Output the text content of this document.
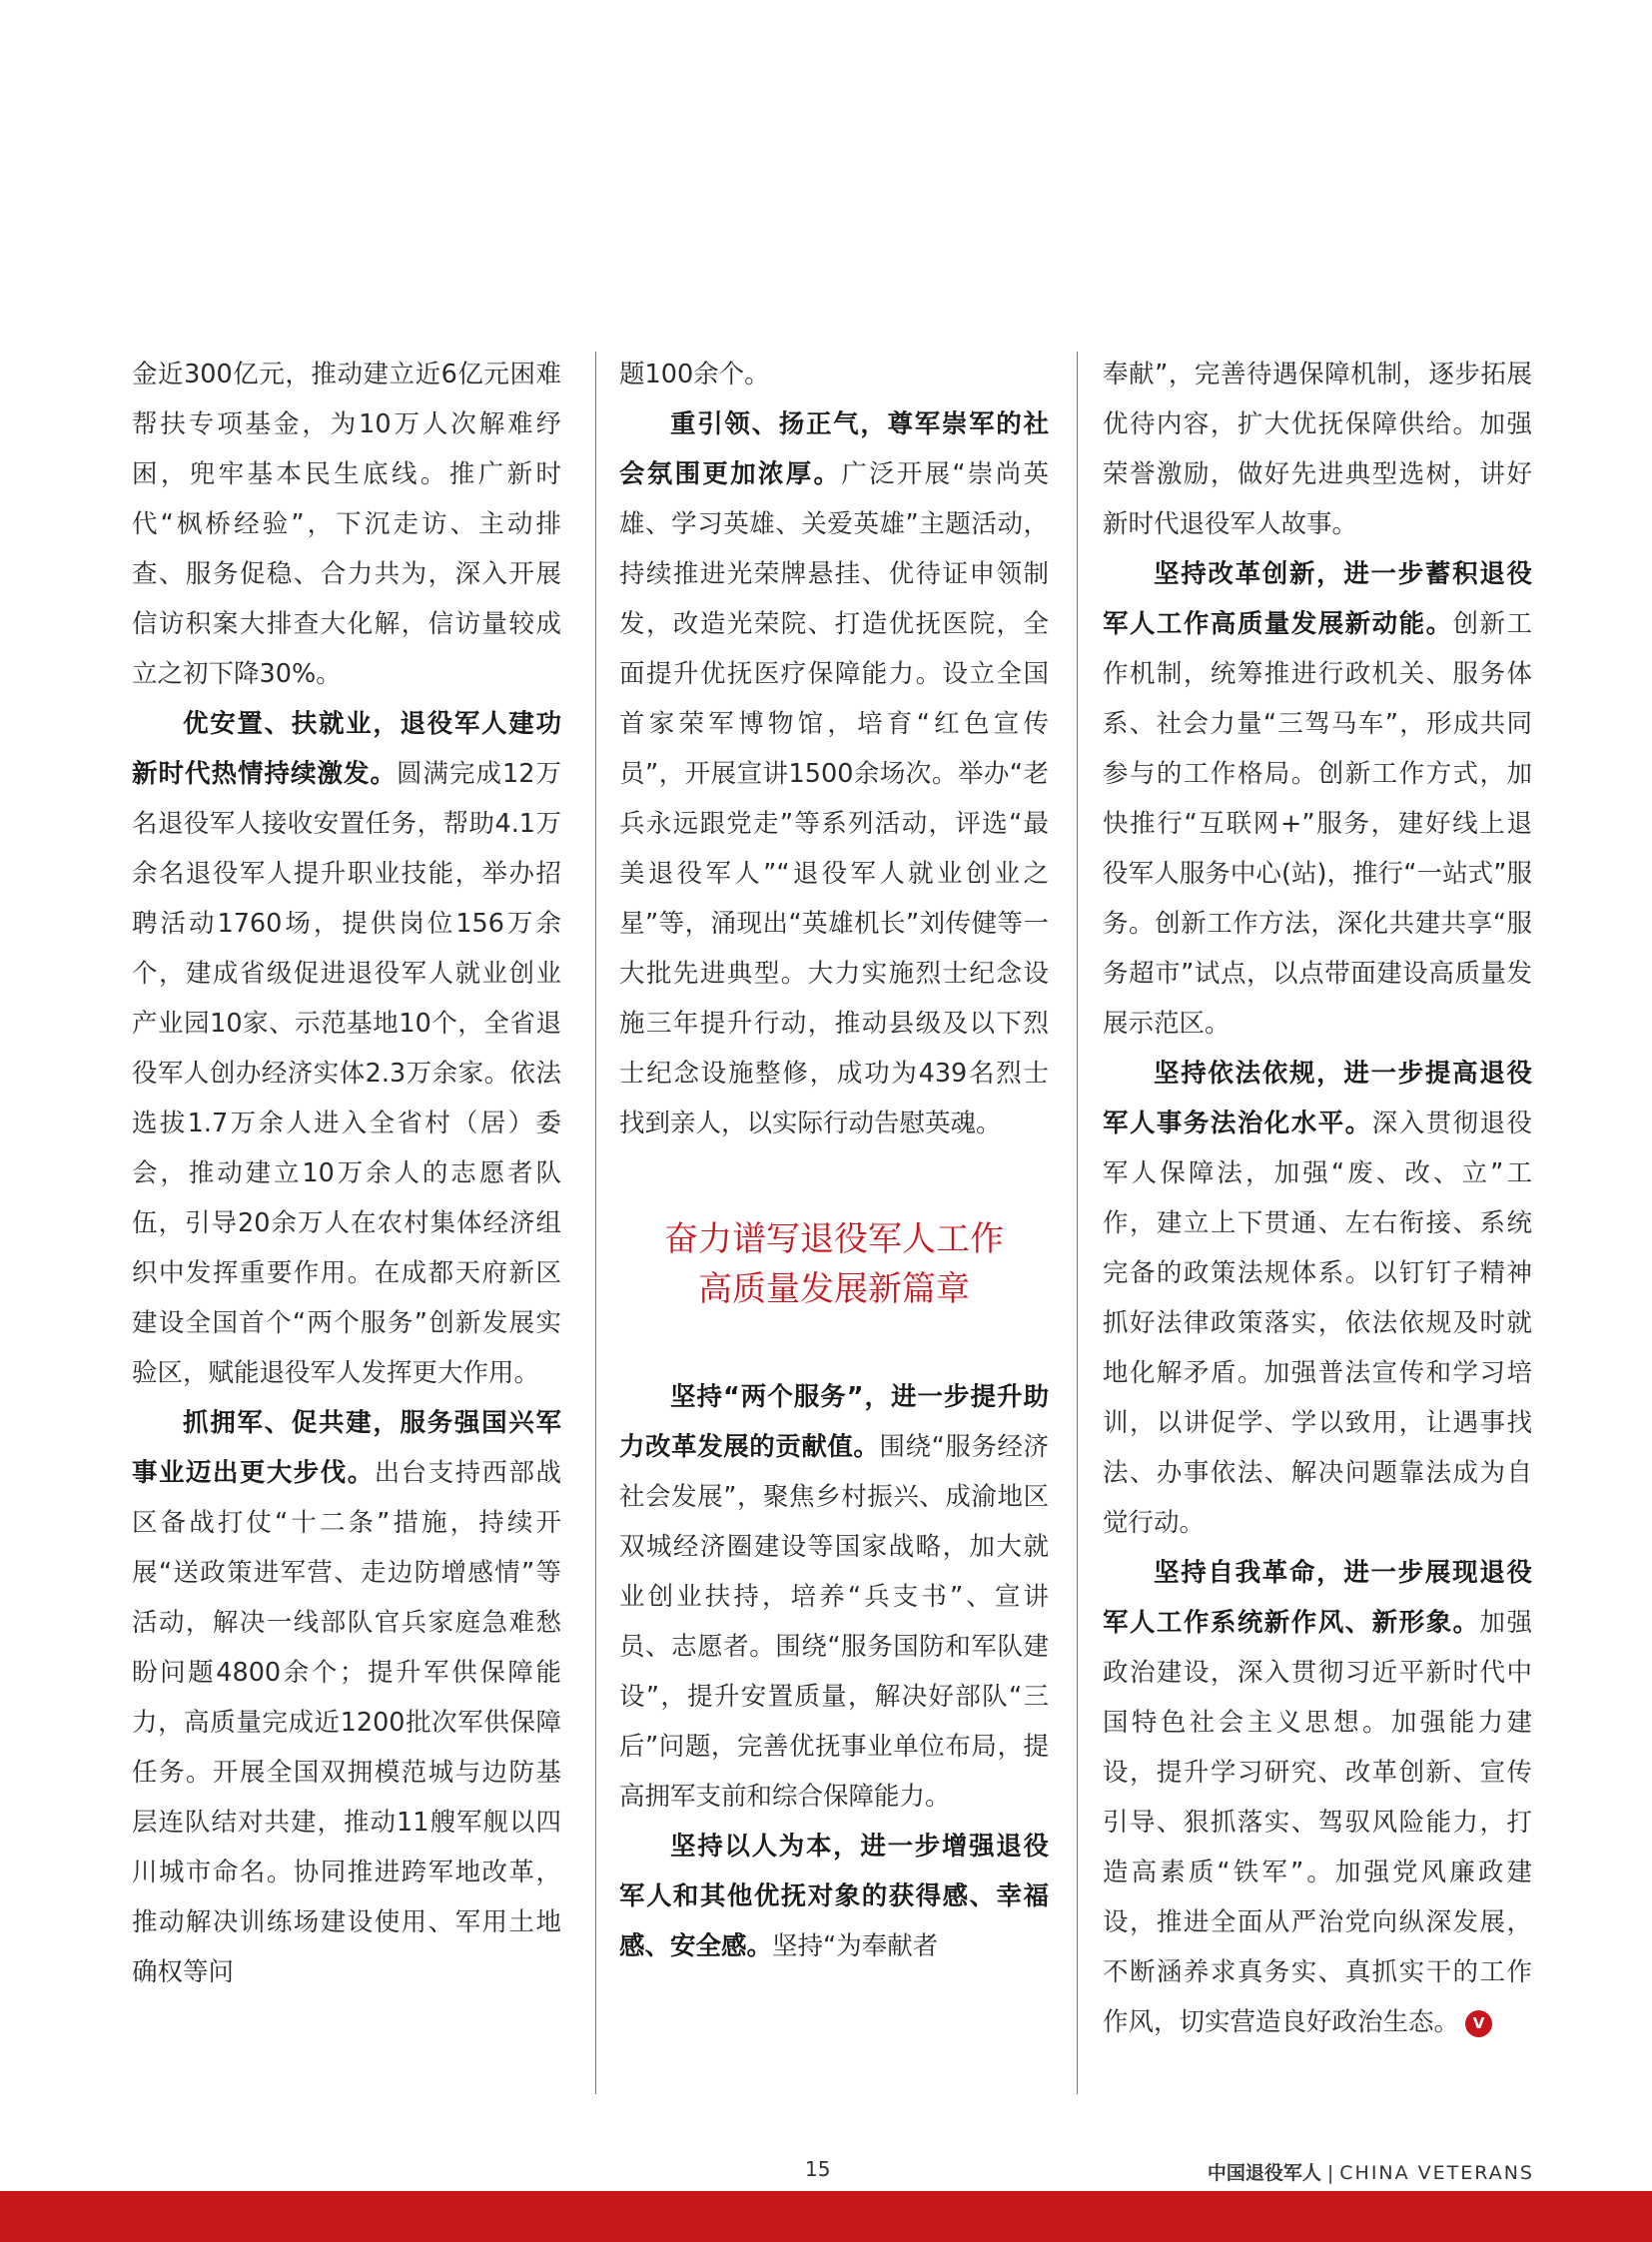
金近300亿元，推动建立近6亿元困难帮扶专项基金，为10万人次解难纾困，兜牢基本民生底线。推广新时代“枫桥经验”，下沉走访、主动排查、服务促稳、合力共为，深入开展信访积案大排查大化解，信访量较成立之初下降30%。

优安置、扶就业，退役军人建功新时代热情持续激发。圆满完成12万名退役军人接收安置任务，帮助4.1万余名退役军人提升职业技能，举办招聘活动1760场，提供岗位156万余个，建成省级促进退役军人就业创业产业园10家、示范基地10个，全省退役军人创办经济实体2.3万余家。依法选拔1.7万余人进入全省村（居）委会，推动建立10万余人的志愿者队伍，引导20余万人在农村集体经济组织中发挥重要作用。在成都天府新区建设全国首个“两个服务”创新发展实验区，赋能退役军人发挥更大作用。

抓拥军、促共建，服务强国兴军事业迈出更大步伐。出台支持西部战区备战打仗“十二条”措施，持续开展“送政策进军营、走边防增感情”等活动，解决一线部队官兵家庭急难愁盼问题4800余个；提升军供保障能力，高质量完成近1200批次军供保障任务。开展全国双拥模范城与边防基层连队结对共建，推动11艘军舰以四川城市命名。协同推进跨军地改革，推动解决训练场建设使用、军用土地确权等问

题100余个。

重引领、扬正气，尊军崇军的社会氛围更加浓厚。广泛开展“崇尚英雄、学习英雄、关爱英雄”主题活动，持续推进光荣牌悬挂、优待证申领制发，改造光荣院、打造优抚医院，全面提升优抚医疗保障能力。设立全国首家荣军博物馆，培育“红色宣传员”，开展宣讲1500余场次。举办“老兵永远跟党走”等系列活动，评选“最美退役军人”“退役军人就业创业之星”等，涌现出“英雄机长”刘传健等一大批先进典型。大力实施烈士纪念设施三年提升行动，推动县级及以下烈士纪念设施整修，成功为439名烈士找到亲人，以实际行动告慰英魂。

奋力谱写退役军人工作
高质量发展新篇章

坚持“两个服务”，进一步提升助力改革发展的贡献值。围绕“服务经济社会发展”，聚焦乡村振兴、成渝地区双城经济圈建设等国家战略，加大就业创业扶持，培养“兵支书”、宣讲员、志愿者。围绕“服务国防和军队建设”，提升安置质量，解决好部队“三后”问题，完善优抚事业单位布局，提高拥军支前和综合保障能力。

坚持以人为本，进一步增强退役军人和其他优抚对象的获得感、幸福感、安全感。坚持“为奉献者

奉献”，完善待遇保障机制，逐步拓展优待内容，扩大优抚保障供给。加强荣誉激励，做好先进典型选树，讲好新时代退役军人故事。

坚持改革创新，进一步蓄积退役军人工作高质量发展新动能。创新工作机制，统筹推进行政机关、服务体系、社会力量“三驾马车”，形成共同参与的工作格局。创新工作方式，加快推行“互联网+”服务，建好线上退役军人服务中心(站)，推行“一站式”服务。创新工作方法，深化共建共享“服务超市”试点，以点带面建设高质量发展示范区。

坚持依法依规，进一步提高退役军人事务法治化水平。深入贯彻退役军人保障法，加强“废、改、立”工作，建立上下贯通、左右衔接、系统完备的政策法规体系。以钉钉子精神抓好法律政策落实，依法依规及时就地化解矛盾。加强普法宣传和学习培训，以讲促学、学以致用，让遇事找法、办事依法、解决问题靠法成为自觉行动。

坚持自我革命，进一步展现退役军人工作系统新作风、新形象。加强政治建设，深入贯彻习近平新时代中国特色社会主义思想。加强能力建设，提升学习研究、改革创新、宣传引导、狠抓落实、驾驭风险能力，打造高素质“铁军”。加强党风廉政建设，推进全面从严治党向纵深发展，不断涵养求真务实、真抓实干的工作作风，切实营造良好政治生态。 V

15	中国退役军人 | CHINA VETERANS
